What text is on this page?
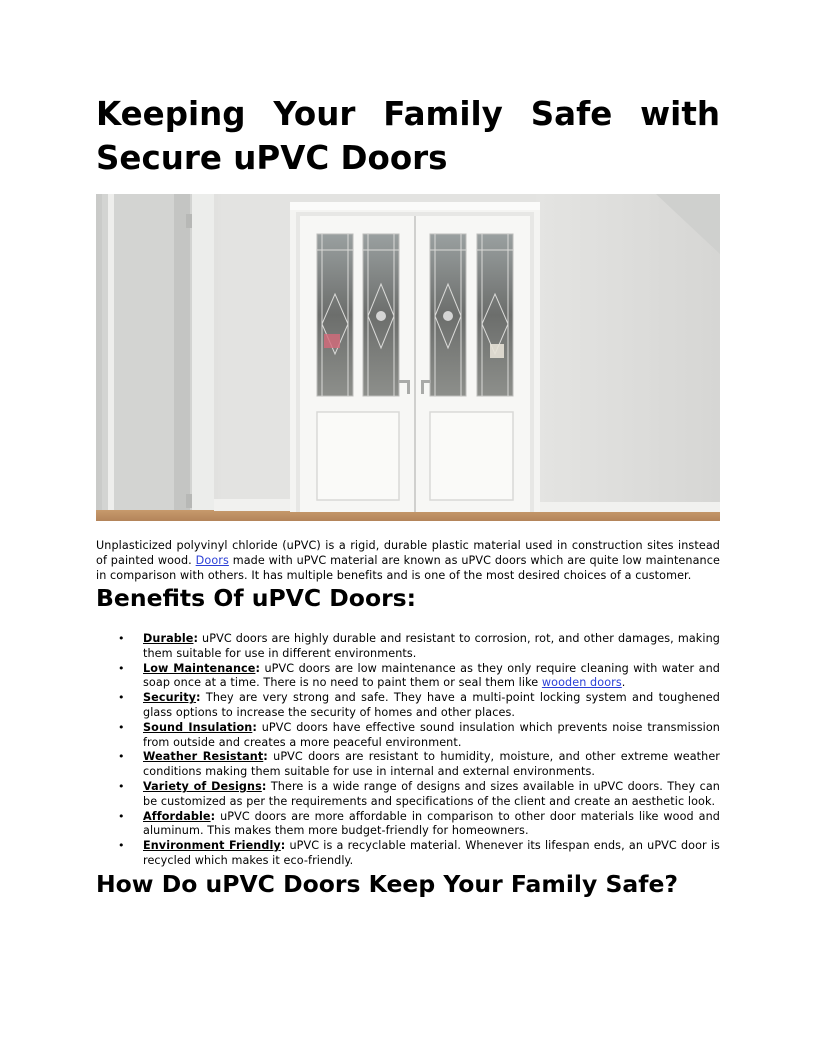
Keeping Your Family Safe with Secure uPVC Doors

Unplasticized polyvinyl chloride (uPVC) is a rigid, durable plastic material used in construction sites instead of painted wood. Doors made with uPVC material are known as uPVC doors which are quite low maintenance in comparison with others. It has multiple benefits and is one of the most desired choices of a customer.

Benefits Of uPVC Doors:
• Durable: uPVC doors are highly durable and resistant to corrosion, rot, and other damages, making them suitable for use in different environments.
• Low Maintenance: uPVC doors are low maintenance as they only require cleaning with water and soap once at a time. There is no need to paint them or seal them like wooden doors.
• Security: They are very strong and safe. They have a multi-point locking system and toughened glass options to increase the security of homes and other places.
• Sound Insulation: uPVC doors have effective sound insulation which prevents noise transmission from outside and creates a more peaceful environment.
• Weather Resistant: uPVC doors are resistant to humidity, moisture, and other extreme weather conditions making them suitable for use in internal and external environments.
• Variety of Designs: There is a wide range of designs and sizes available in uPVC doors. They can be customized as per the requirements and specifications of the client and create an aesthetic look.
• Affordable: uPVC doors are more affordable in comparison to other door materials like wood and aluminum. This makes them more budget-friendly for homeowners.
• Environment Friendly: uPVC is a recyclable material. Whenever its lifespan ends, an uPVC door is recycled which makes it eco-friendly.
How Do uPVC Doors Keep Your Family Safe?
